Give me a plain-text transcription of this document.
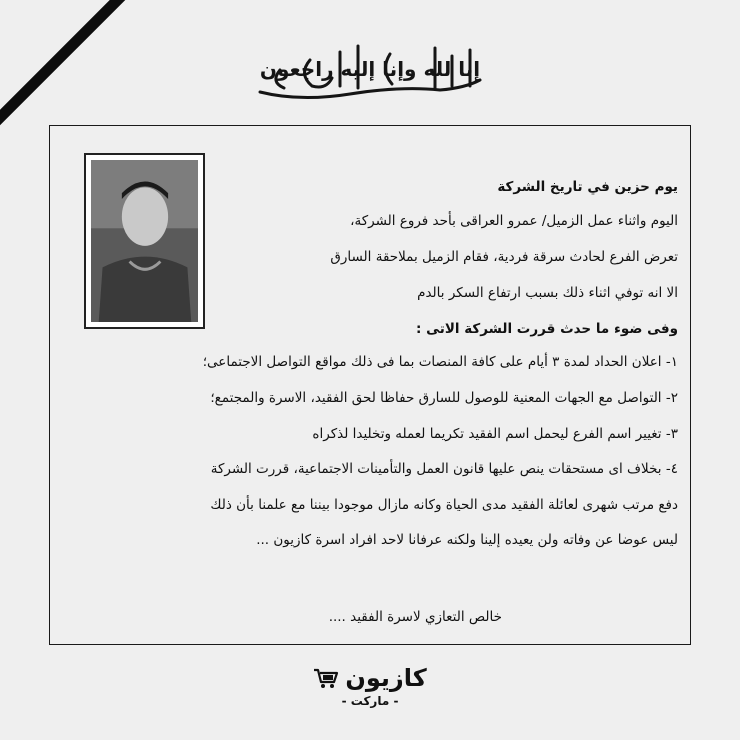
إنا لله وإنا إليه راجعون
يوم حزين في تاريخ الشركة
اليوم واثناء عمل الزميل/ عمرو العراقى بأحد فروع الشركة،
تعرض الفرع لحادث سرقة فردية، فقام الزميل بملاحقة السارق
الا انه توفي اثناء ذلك بسبب ارتفاع السكر بالدم
وفى ضوء ما حدث قررت الشركة الاتى :
١- اعلان الحداد لمدة ٣ أيام على كافة المنصات بما فى ذلك مواقع التواصل الاجتماعى؛
٢- التواصل مع الجهات المعنية للوصول للسارق حفاظا لحق الفقيد، الاسرة والمجتمع؛
٣- تغيير اسم الفرع ليحمل اسم الفقيد تكريما لعمله وتخليدا لذكراه
٤- بخلاف اى مستحقات ينص عليها قانون العمل والتأمينات الاجتماعية، قررت الشركة
دفع مرتب شهرى لعائلة الفقيد مدى الحياة وكانه مازال موجودا بيننا مع علمنا بأن ذلك
ليس عوضا عن وفاته ولن يعيده إلينا ولكنه عرفانا لاحد افراد اسرة كازيون ...
خالص التعازي لاسرة الفقيد ....
كازيون
- ماركت -
